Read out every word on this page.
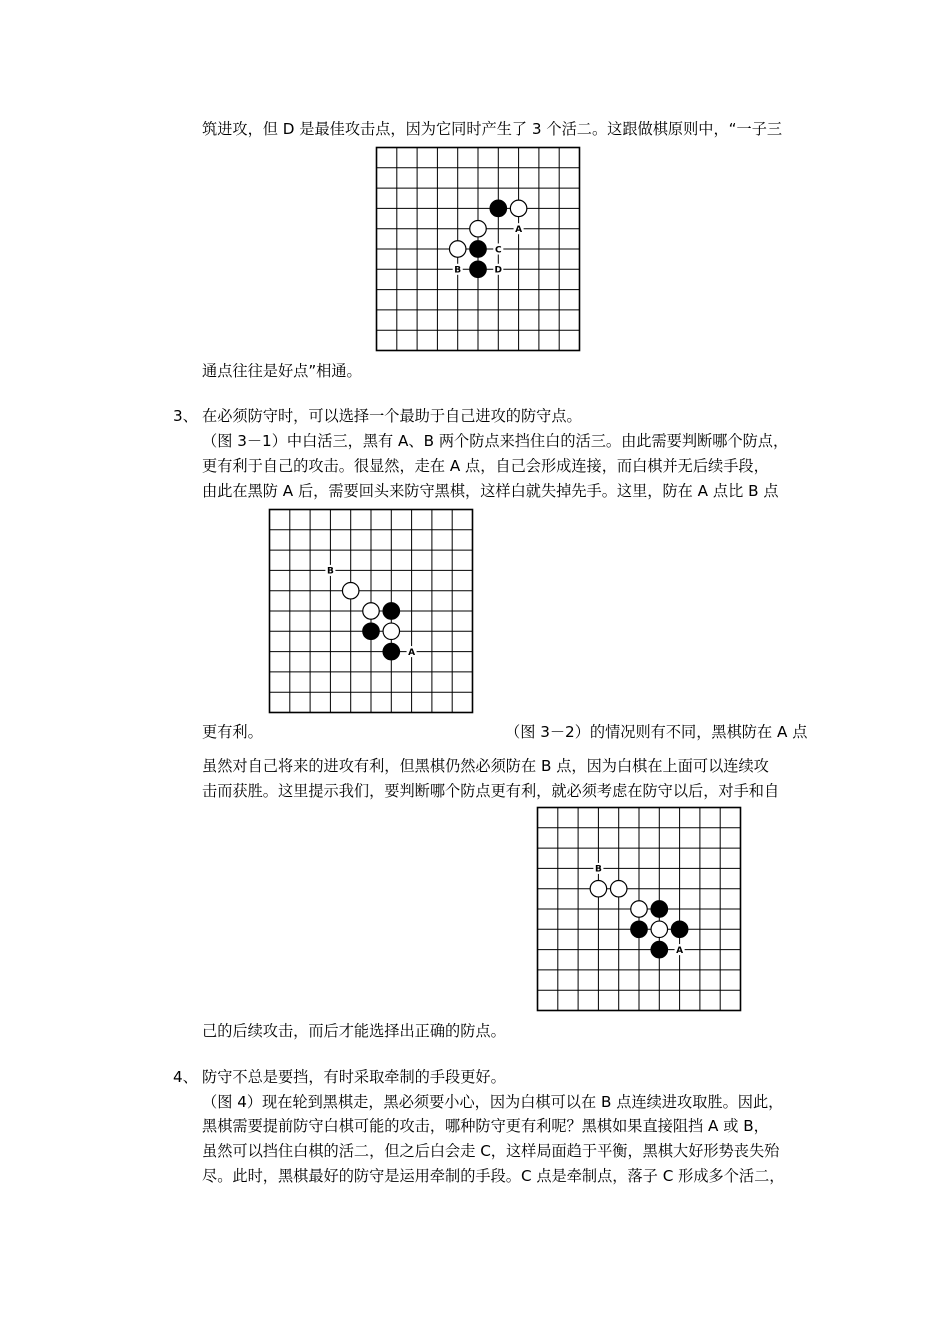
筑进攻，但 D 是最佳攻击点，因为它同时产生了 3 个活二。这跟做棋原则中，“一子三
A
C
B	D
通点往往是好点”相通。
3、 在必须防守时，可以选择一个最助于自己进攻的防守点。
（图 3－1）中白活三，黑有 A、B 两个防点来挡住白的活三。由此需要判断哪个防点，
更有利于自己的攻击。很显然，走在 A 点，自己会形成连接，而白棋并无后续手段，
由此在黑防 A 后，需要回头来防守黑棋，这样白就失掉先手。这里，防在 A 点比 B 点
B
A
更有利。	（图 3－2）的情况则有不同，黑棋防在 A 点
虽然对自己将来的进攻有利，但黑棋仍然必须防在 B 点，因为白棋在上面可以连续攻
击而获胜。这里提示我们，要判断哪个防点更有利，就必须考虑在防守以后，对手和自
B
A
己的后续攻击，而后才能选择出正确的防点。
4、 防守不总是要挡，有时采取牵制的手段更好。
（图 4）现在轮到黑棋走，黑必须要小心，因为白棋可以在 B 点连续进攻取胜。因此，
黑棋需要提前防守白棋可能的攻击，哪种防守更有利呢？黑棋如果直接阻挡 A 或 B，
虽然可以挡住白棋的活二，但之后白会走 C，这样局面趋于平衡，黑棋大好形势丧失殆
尽。此时，黑棋最好的防守是运用牵制的手段。C 点是牵制点，落子 C 形成多个活二，
